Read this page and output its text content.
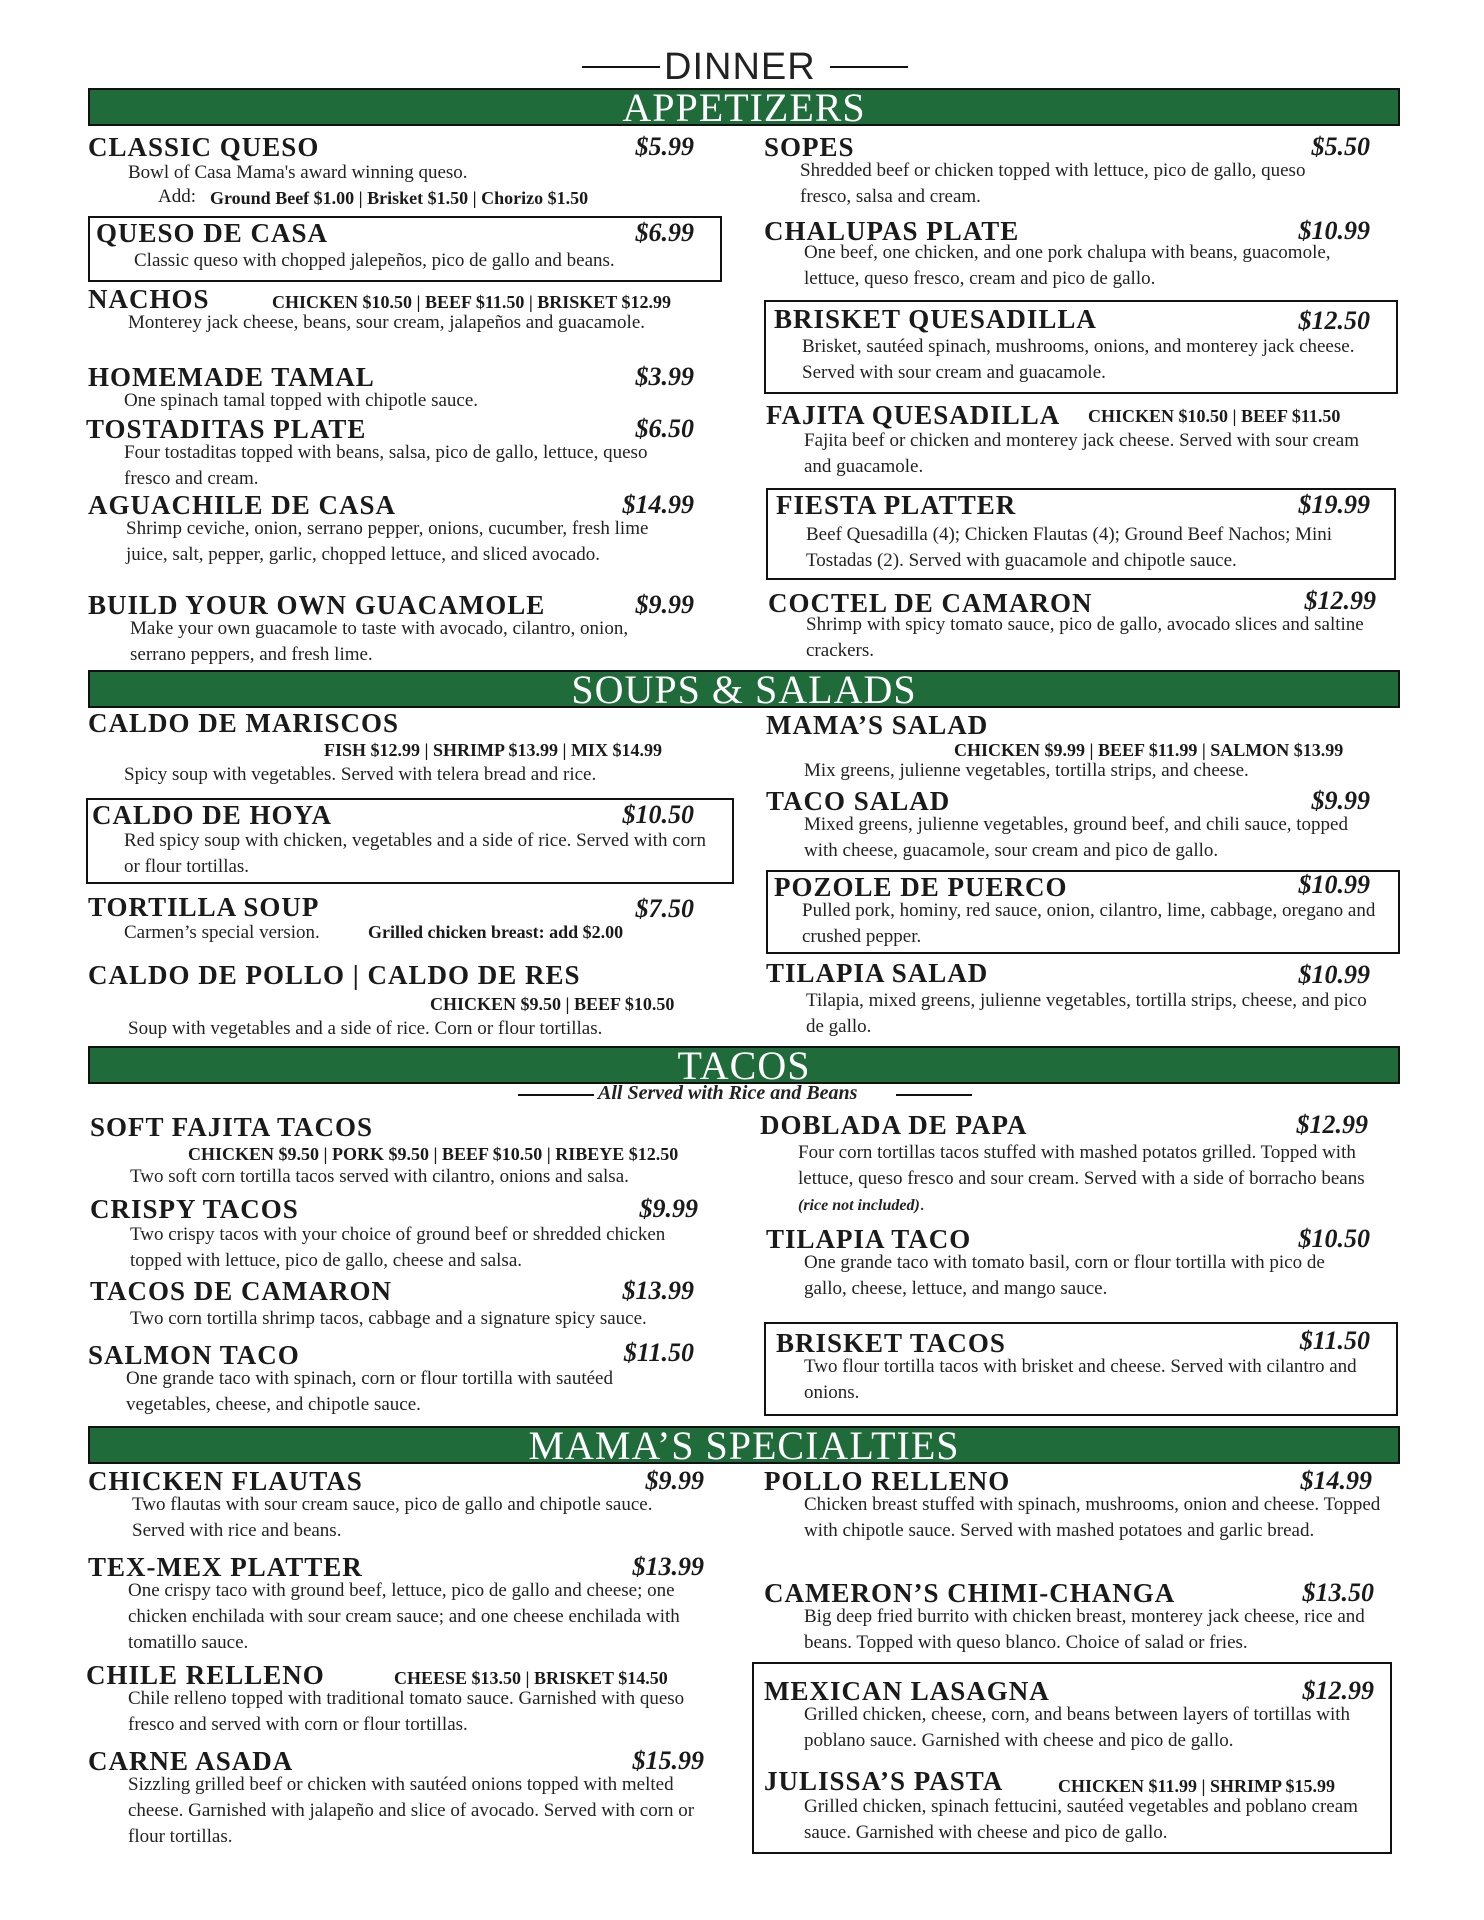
DINNER
APPETIZERS
CLASSIC QUESO	$5.99
Bowl of Casa Mama's award winning queso.
Add: Ground Beef $1.00 | Brisket $1.50 | Chorizo $1.50
QUESO DE CASA	$6.99
Classic queso with chopped jalepeños, pico de gallo and beans.
NACHOS	CHICKEN $10.50 | BEEF $11.50 | BRISKET $12.99
Monterey jack cheese, beans, sour cream, jalapeños and guacamole.
HOMEMADE TAMAL	$3.99
One spinach tamal topped with chipotle sauce.
TOSTADITAS PLATE	$6.50
Four tostaditas topped with beans, salsa, pico de gallo, lettuce, queso fresco and cream.
AGUACHILE DE CASA	$14.99
Shrimp ceviche, onion, serrano pepper, onions, cucumber, fresh lime juice, salt, pepper, garlic, chopped lettuce, and sliced avocado.
BUILD YOUR OWN GUACAMOLE	$9.99
Make your own guacamole to taste with avocado, cilantro, onion, serrano peppers, and fresh lime.
SOPES	$5.50
Shredded beef or chicken topped with lettuce, pico de gallo, queso fresco, salsa and cream.
CHALUPAS PLATE	$10.99
One beef, one chicken, and one pork chalupa with beans, guacomole, lettuce, queso fresco, cream and pico de gallo.
BRISKET QUESADILLA	$12.50
Brisket, sautéed spinach, mushrooms, onions, and monterey jack cheese. Served with sour cream and guacamole.
FAJITA QUESADILLA CHICKEN $10.50 | BEEF $11.50
Fajita beef or chicken and monterey jack cheese. Served with sour cream and guacamole.
FIESTA PLATTER	$19.99
Beef Quesadilla (4); Chicken Flautas (4); Ground Beef Nachos; Mini Tostadas (2). Served with guacamole and chipotle sauce.
COCTEL DE CAMARON	$12.99
Shrimp with spicy tomato sauce, pico de gallo, avocado slices and saltine crackers.
SOUPS & SALADS
CALDO DE MARISCOS
FISH $12.99 | SHRIMP $13.99 | MIX $14.99
Spicy soup with vegetables. Served with telera bread and rice.
CALDO DE HOYA	$10.50
Red spicy soup with chicken, vegetables and a side of rice. Served with corn or flour tortillas.
TORTILLA SOUP	$7.50
Carmen’s special version.	Grilled chicken breast: add $2.00
CALDO DE POLLO | CALDO DE RES
CHICKEN $9.50 | BEEF $10.50
Soup with vegetables and a side of rice. Corn or flour tortillas.
MAMA’S SALAD
CHICKEN $9.99 | BEEF $11.99 | SALMON $13.99
Mix greens, julienne vegetables, tortilla strips, and cheese.
TACO SALAD	$9.99
Mixed greens, julienne vegetables, ground beef, and chili sauce, topped with cheese, guacamole, sour cream and pico de gallo.
POZOLE DE PUERCO	$10.99
Pulled pork, hominy, red sauce, onion, cilantro, lime, cabbage, oregano and crushed pepper.
TILAPIA SALAD	$10.99
Tilapia, mixed greens, julienne vegetables, tortilla strips, cheese, and pico de gallo.
TACOS
All Served with Rice and Beans
SOFT FAJITA TACOS
CHICKEN $9.50 | PORK $9.50 | BEEF $10.50 | RIBEYE $12.50
Two soft corn tortilla tacos served with cilantro, onions and salsa.
CRISPY TACOS	$9.99
Two crispy tacos with your choice of ground beef or shredded chicken topped with lettuce, pico de gallo, cheese and salsa.
TACOS DE CAMARON	$13.99
Two corn tortilla shrimp tacos, cabbage and a signature spicy sauce.
SALMON TACO	$11.50
One grande taco with spinach, corn or flour tortilla with sautéed vegetables, cheese, and chipotle sauce.
DOBLADA DE PAPA	$12.99
Four corn tortillas tacos stuffed with mashed potatos grilled. Topped with lettuce, queso fresco and sour cream. Served with a side of borracho beans (rice not included).
TILAPIA TACO	$10.50
One grande taco with tomato basil, corn or flour tortilla with pico de gallo, cheese, lettuce, and mango sauce.
BRISKET TACOS	$11.50
Two flour tortilla tacos with brisket and cheese. Served with cilantro and onions.
MAMA’S SPECIALTIES
CHICKEN FLAUTAS	$9.99
Two flautas with sour cream sauce, pico de gallo and chipotle sauce. Served with rice and beans.
TEX-MEX PLATTER	$13.99
One crispy taco with ground beef, lettuce, pico de gallo and cheese; one chicken enchilada with sour cream sauce; and one cheese enchilada with tomatillo sauce.
CHILE RELLENO	CHEESE $13.50 | BRISKET $14.50
Chile relleno topped with traditional tomato sauce. Garnished with queso fresco and served with corn or flour tortillas.
CARNE ASADA	$15.99
Sizzling grilled beef or chicken with sautéed onions topped with melted cheese. Garnished with jalapeño and slice of avocado. Served with corn or flour tortillas.
POLLO RELLENO	$14.99
Chicken breast stuffed with spinach, mushrooms, onion and cheese. Topped with chipotle sauce. Served with mashed potatoes and garlic bread.
CAMERON’S CHIMI-CHANGA	$13.50
Big deep fried burrito with chicken breast, monterey jack cheese, rice and beans. Topped with queso blanco. Choice of salad or fries.
MEXICAN LASAGNA	$12.99
Grilled chicken, cheese, corn, and beans between layers of tortillas with poblano sauce. Garnished with cheese and pico de gallo.
JULISSA’S PASTA	CHICKEN $11.99 | SHRIMP $15.99
Grilled chicken, spinach fettucini, sautéed vegetables and poblano cream sauce. Garnished with cheese and pico de gallo.
